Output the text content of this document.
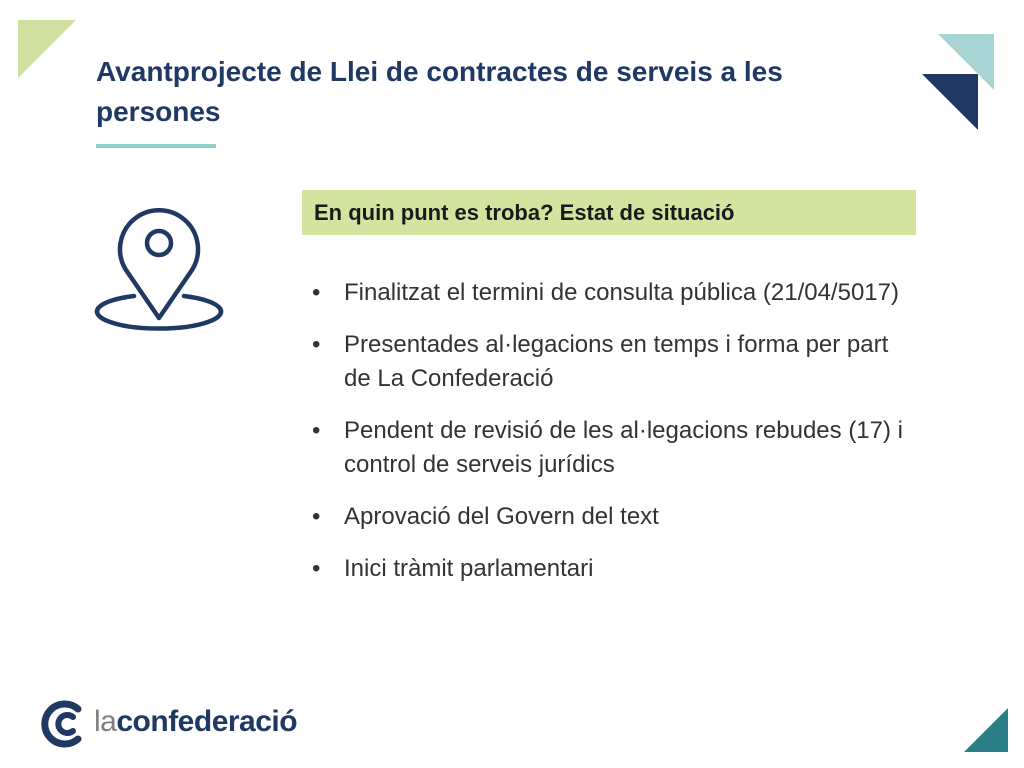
Avantprojecte de Llei de contractes de serveis a les persones
En quin punt es troba? Estat de situació
• Finalitzat el termini de consulta pública (21/04/5017)
• Presentades al·legacions en temps i forma per part de La Confederació
• Pendent de revisió de les al·legacions rebudes (17) i control de serveis jurídics
• Aprovació del Govern del text
• Inici tràmit parlamentari
laconfederació
